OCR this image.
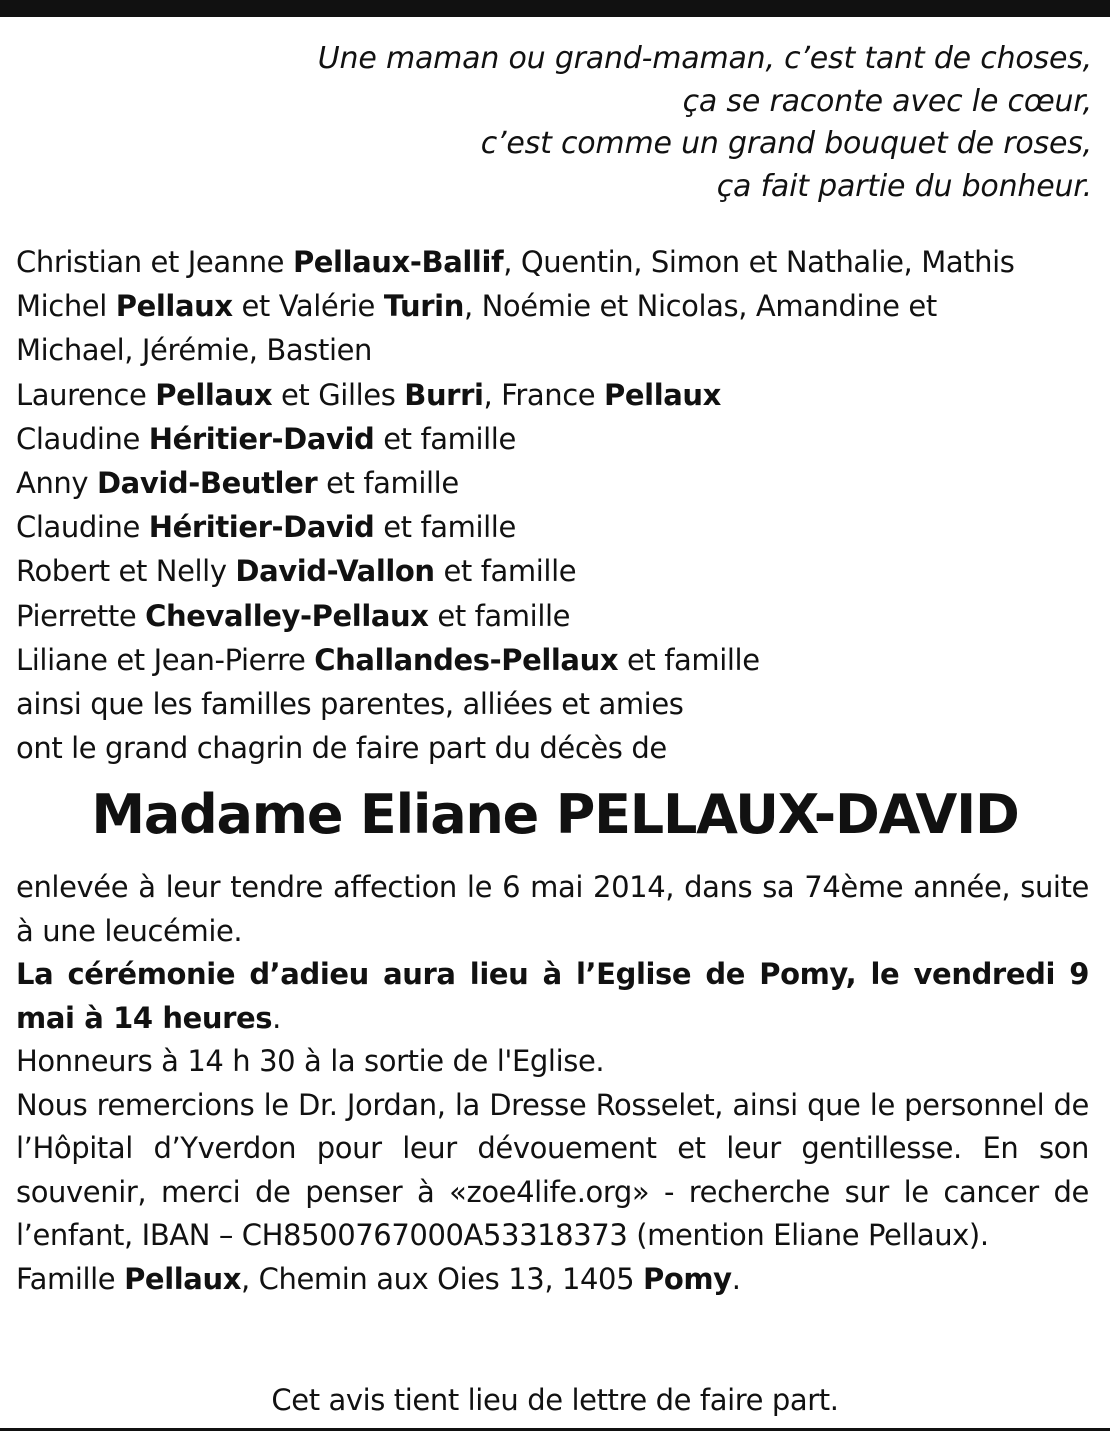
Une maman ou grand-maman, c’est tant de choses,
ça se raconte avec le cœur,
c’est comme un grand bouquet de roses,
ça fait partie du bonheur.
Christian et Jeanne Pellaux-Ballif, Quentin, Simon et Nathalie, Mathis
Michel Pellaux et Valérie Turin, Noémie et Nicolas, Amandine et
Michael, Jérémie, Bastien
Laurence Pellaux et Gilles Burri, France Pellaux
Claudine Héritier-David et famille
Anny David-Beutler et famille
Claudine Héritier-David et famille
Robert et Nelly David-Vallon et famille
Pierrette Chevalley-Pellaux et famille
Liliane et Jean-Pierre Challandes-Pellaux et famille
ainsi que les familles parentes, alliées et amies
ont le grand chagrin de faire part du décès de
Madame Eliane PELLAUX-DAVID

enlevée à leur tendre affection le 6 mai 2014, dans sa 74ème année, suite à une leucémie.

La cérémonie d’adieu aura lieu à l’Eglise de Pomy, le vendredi 9 mai à 14 heures.

Honneurs à 14 h 30 à la sortie de l'Eglise.

Nous remercions le Dr. Jordan, la Dresse Rosselet, ainsi que le personnel de l’Hôpital d’Yverdon pour leur dévouement et leur gentillesse. En son souvenir, merci de penser à «zoe4life.org» - recherche sur le cancer de l’enfant, IBAN – CH8500767000A53318373 (mention Eliane Pellaux).

Famille Pellaux, Chemin aux Oies 13, 1405 Pomy.

Cet avis tient lieu de lettre de faire part.
